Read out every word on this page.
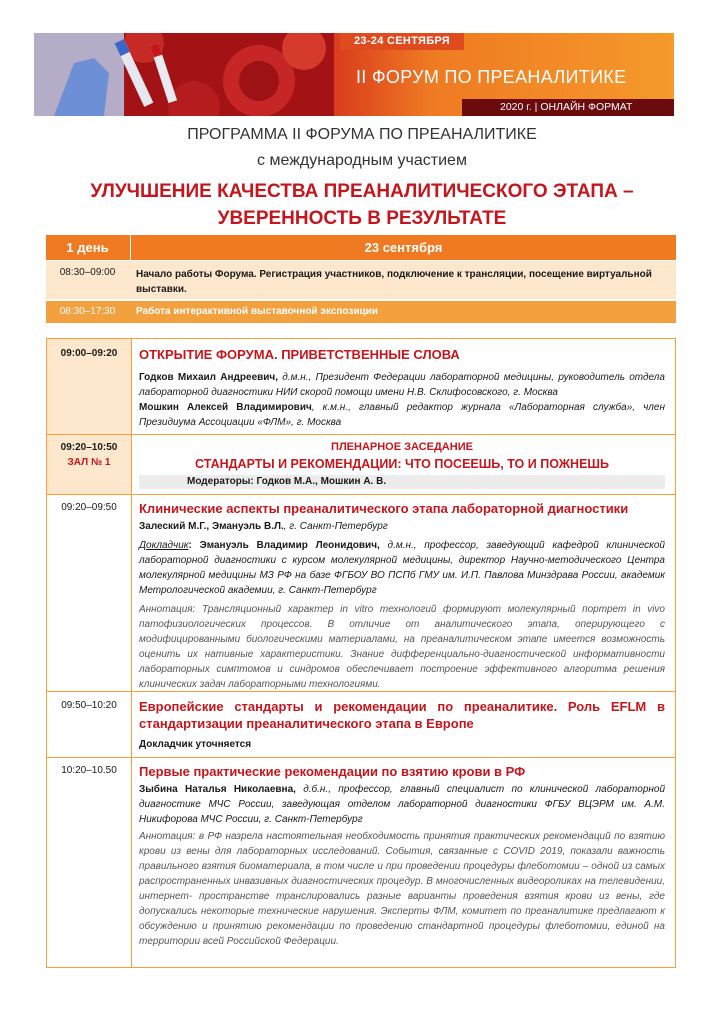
23-24 СЕНТЯБРЯ
II ФОРУМ ПО ПРЕАНАЛИТИКЕ
2020 г. | ОНЛАЙН ФОРМАТ
ПРОГРАММА II ФОРУМА ПО ПРЕАНАЛИТИКЕ
с международным участием
УЛУЧШЕНИЕ КАЧЕСТВА ПРЕАНАЛИТИЧЕСКОГО ЭТАПА –
УВЕРЕННОСТЬ В РЕЗУЛЬТАТЕ
1 день	23 сентября
08:30–09:00	Начало работы Форума. Регистрация участников, подключение к трансляции, посещение виртуальной выставки.
08:30–17:30	Работа интерактивной выставочной экспозиции
09:00–09:20	ОТКРЫТИЕ ФОРУМА. ПРИВЕТСТВЕННЫЕ СЛОВА
Годков Михаил Андреевич, д.м.н., Президент Федерации лабораторной медицины, руководитель отдела лабораторной диагностики НИИ скорой помощи имени Н.В. Склифосовского, г. Москва
Мошкин Алексей Владимирович, к.м.н., главный редактор журнала «Лабораторная служба», член Президиума Ассоциации «ФЛМ», г. Москва
09:20–10:50
ЗАЛ № 1
ПЛЕНАРНОЕ ЗАСЕДАНИЕ
СТАНДАРТЫ И РЕКОМЕНДАЦИИ: ЧТО ПОСЕЕШЬ, ТО И ПОЖНЕШЬ
Модераторы: Годков М.А., Мошкин А. В.
09:20–09:50	Клинические аспекты преаналитического этапа лабораторной диагностики
Залеский М.Г., Эмануэль В.Л., г. Санкт-Петербург
Докладчик: Эмануэль Владимир Леонидович, д.м.н., профессор, заведующий кафедрой клинической лабораторной диагностики с курсом молекулярной медицины, директор Научно-методического Центра молекулярной медицины МЗ РФ на базе ФГБОУ ВО ПСПб ГМУ им. И.П. Павлова Минздрава России, академик Метрологической академии, г. Санкт-Петербург
Аннотация: Трансляционный характер in vitro технологий формируют молекулярный портрет in vivo патофизиологических процессов. В отличие от аналитического этапа, оперирующего с модифицированными биологическими материалами, на преаналитическом этапе имеется возможность оценить их нативные характеристики. Знание дифференциально-диагностической информативности лабораторных симптомов и синдромов обеспечивает построение эффективного алгоритма решения клинических задач лабораторными технологиями.
09:50–10:20	Европейские стандарты и рекомендации по преаналитике. Роль EFLM в стандартизации преаналитического этапа в Европе
Докладчик уточняется
10:20–10.50	Первые практические рекомендации по взятию крови в РФ
Зыбина Наталья Николаевна, д.б.н., профессор, главный специалист по клинической лабораторной диагностике МЧС России, заведующая отделом лабораторной диагностики ФГБУ ВЦЭРМ им. А.М. Никифорова МЧС России, г. Санкт-Петербург
Аннотация: в РФ назрела настоятельная необходимость принятия практических рекомендаций по взятию крови из вены для лабораторных исследований. События, связанные с COVID 2019, показали важность правильного взятия биоматериала, в том числе и при проведении процедуры флеботомии – одной из самых распространенных инвазивных диагностических процедур. В многочисленных видеороликах на телевидении, интернет- пространстве транслировались разные варианты проведения взятия крови из вены, где допускались некоторые технические нарушения. Эксперты ФЛМ, комитет по преаналитике предлагают к обсуждению и принятию рекомендации по проведению стандартной процедуры флеботомии, единой на территории всей Российской Федерации.
